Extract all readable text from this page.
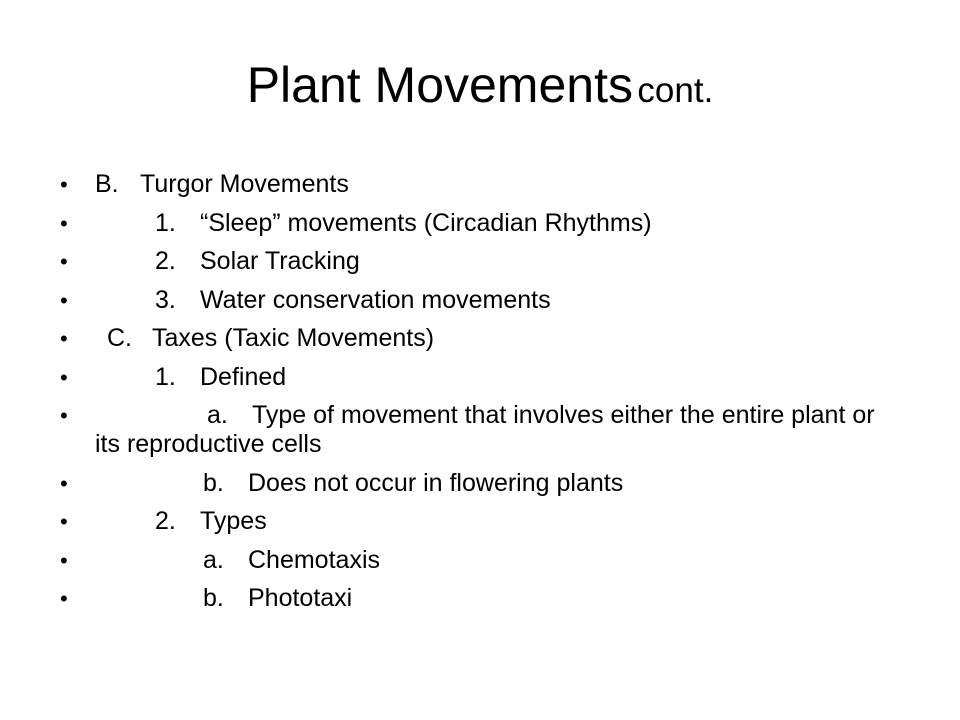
Plant Movements cont.
•	B. Turgor Movements
•	1. “Sleep” movements (Circadian Rhythms)
•	2. Solar Tracking
•	3. Water conservation movements
•	C. Taxes (Taxic Movements)
•	1. Defined
•	a. Type of movement that involves either the entire plant or its reproductive cells
•	b. Does not occur in flowering plants
•	2. Types
•	a. Chemotaxis
•	b. Phototaxi
